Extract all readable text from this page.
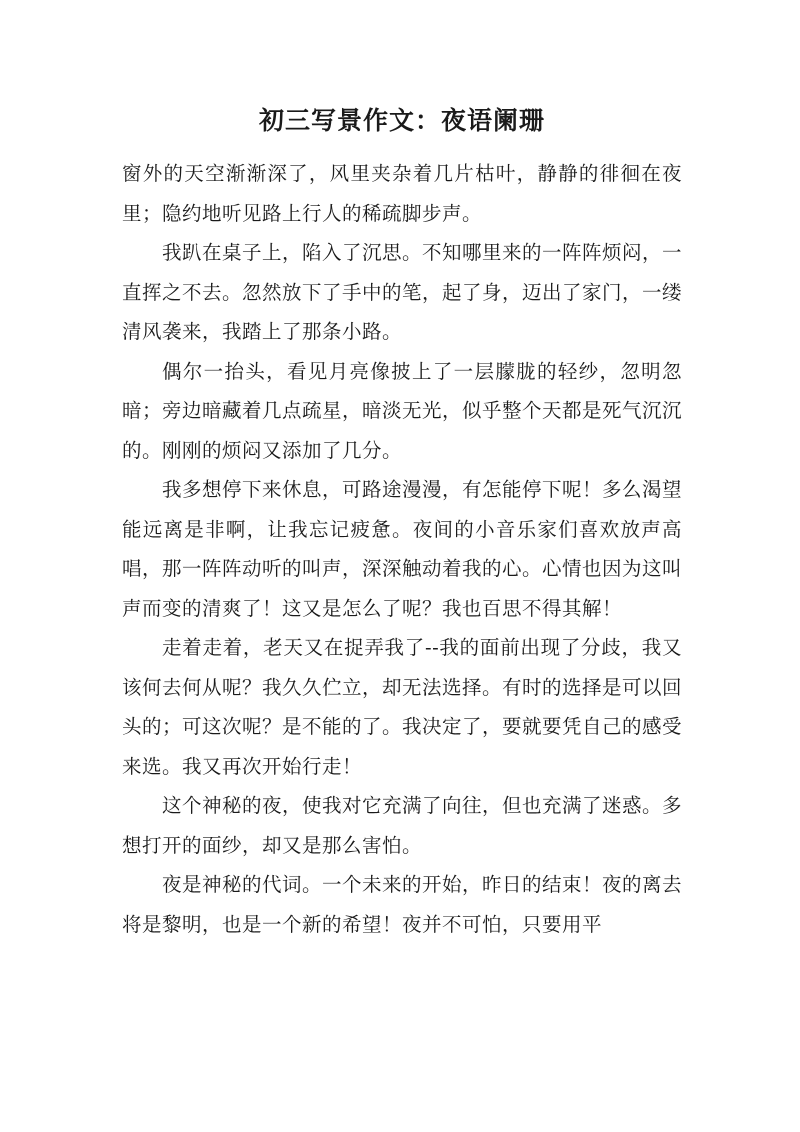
初三写景作文：夜语阑珊

窗外的天空渐渐深了，风里夹杂着几片枯叶，静静的徘徊在夜里；隐约地听见路上行人的稀疏脚步声。

我趴在桌子上，陷入了沉思。不知哪里来的一阵阵烦闷，一直挥之不去。忽然放下了手中的笔，起了身，迈出了家门，一缕清风袭来，我踏上了那条小路。

偶尔一抬头，看见月亮像披上了一层朦胧的轻纱，忽明忽暗；旁边暗藏着几点疏星，暗淡无光，似乎整个天都是死气沉沉的。刚刚的烦闷又添加了几分。

我多想停下来休息，可路途漫漫，有怎能停下呢！多么渴望能远离是非啊，让我忘记疲惫。夜间的小音乐家们喜欢放声高唱，那一阵阵动听的叫声，深深触动着我的心。心情也因为这叫声而变的清爽了！这又是怎么了呢？我也百思不得其解！

走着走着，老天又在捉弄我了--我的面前出现了分歧，我又该何去何从呢？我久久伫立，却无法选择。有时的选择是可以回头的；可这次呢？是不能的了。我决定了，要就要凭自己的感受来选。我又再次开始行走！

这个神秘的夜，使我对它充满了向往，但也充满了迷惑。多想打开的面纱，却又是那么害怕。

夜是神秘的代词。一个未来的开始，昨日的结束！夜的离去将是黎明，也是一个新的希望！夜并不可怕，只要用平
